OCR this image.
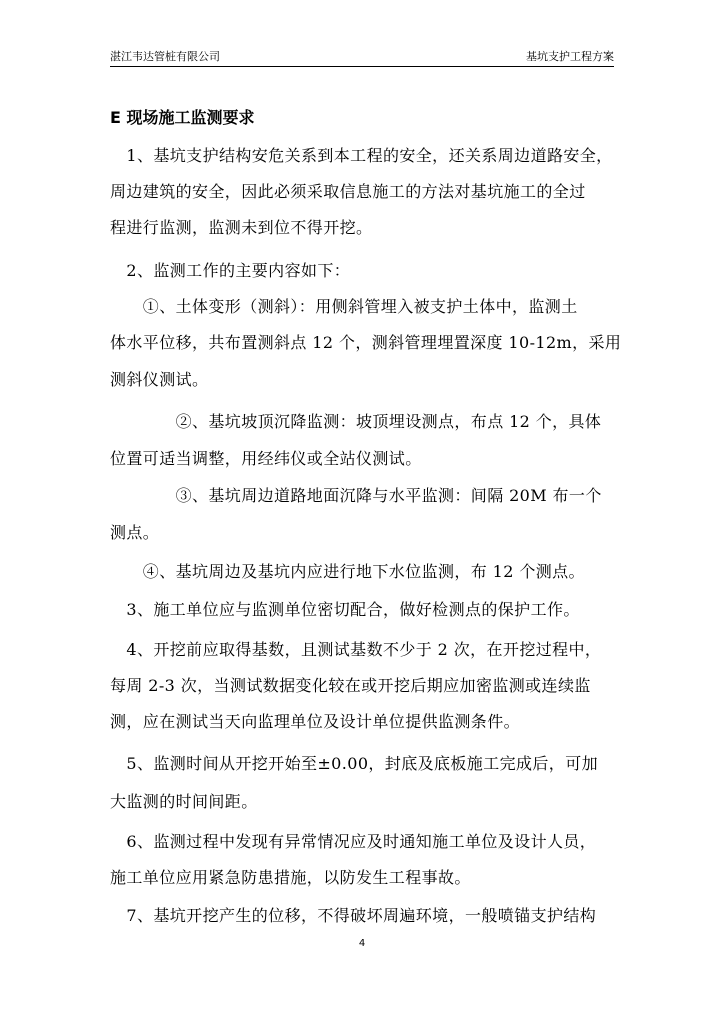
湛江韦达管桩有限公司	基坑支护工程方案
E 现场施工监测要求
　1、基坑支护结构安危关系到本工程的安全，还关系周边道路安全，
周边建筑的安全，因此必须采取信息施工的方法对基坑施工的全过
程进行监测，监测未到位不得开挖。
　2、监测工作的主要内容如下：
　　①、土体变形（测斜）：用侧斜管埋入被支护土体中，监测土
体水平位移，共布置测斜点 12 个，测斜管理埋置深度 10-12m，采用
测斜仪测试。
　　　　②、基坑坡顶沉降监测：坡顶埋设测点，布点 12 个，具体
位置可适当调整，用经纬仪或全站仪测试。
　　　　③、基坑周边道路地面沉降与水平监测：间隔 20M 布一个
测点。
　　④、基坑周边及基坑内应进行地下水位监测，布 12 个测点。
　3、施工单位应与监测单位密切配合，做好检测点的保护工作。
　4、开挖前应取得基数，且测试基数不少于 2 次，在开挖过程中，
每周 2-3 次，当测试数据变化较在或开挖后期应加密监测或连续监
测，应在测试当天向监理单位及设计单位提供监测条件。
　5、监测时间从开挖开始至±0.00，封底及底板施工完成后，可加
大监测的时间间距。
　6、监测过程中发现有异常情况应及时通知施工单位及设计人员，
施工单位应用紧急防患措施，以防发生工程事故。
　7、基坑开挖产生的位移，不得破坏周遍环境，一般喷锚支护结构
4
